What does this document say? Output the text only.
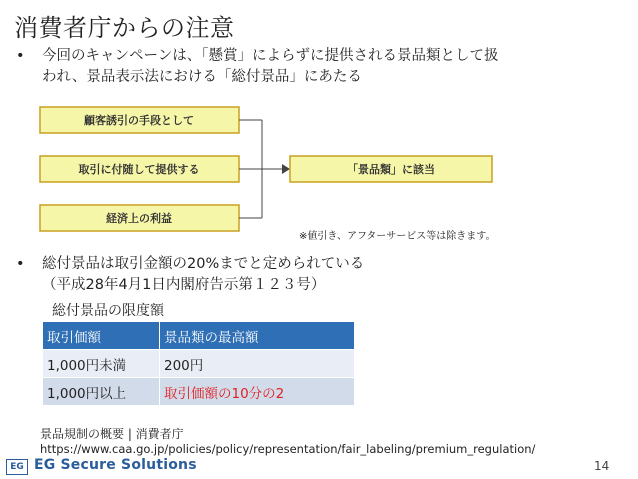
消費者庁からの注意
• 今回のキャンペーンは、「懸賞」によらずに提供される景品類として扱
われ、景品表示法における「総付景品」にあたる
顧客誘引の手段として
取引に付随して提供する
経済上の利益
「景品類」に該当
※値引き、アフターサービス等は除きます。
• 総付景品は取引金額の20%までと定められている
（平成28年4月1日内閣府告示第１２３号）
総付景品の限度額
取引価額	景品類の最高額
1,000円未満	200円
1,000円以上	取引価額の10分の2
景品規制の概要 | 消費者庁
https://www.caa.go.jp/policies/policy/representation/fair_labeling/premium_regulation/
14
EG EG Secure Solutions
